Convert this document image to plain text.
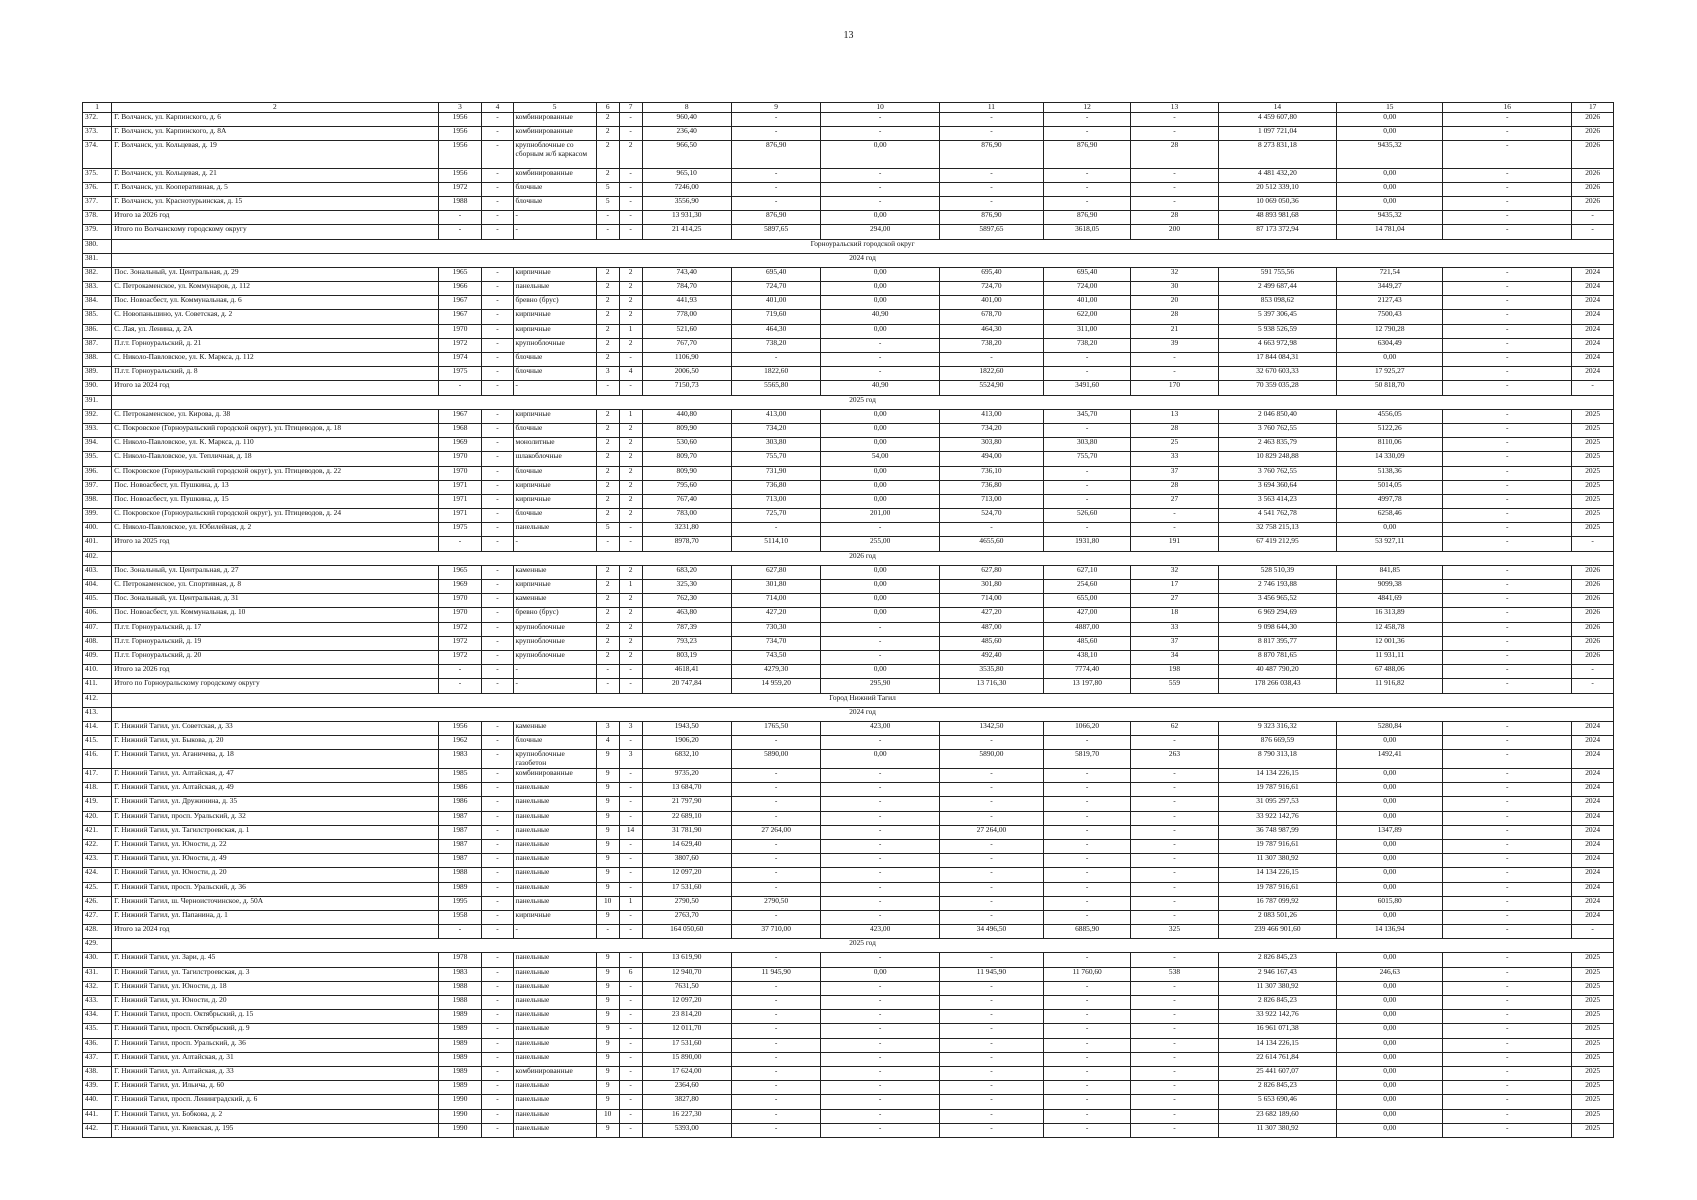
13
1	2	3	4	5	6	7	8	9	10	11	12	13	14	15	16	17
372.	Г. Волчанск, ул. Карпинского, д. 6	1956	-	комбинированные	2	-	960,40	-	-	-	-	-	4 459 607,80	0,00	-	2026
373.	Г. Волчанск, ул. Карпинского, д. 8А	1956	-	комбинированные	2	-	236,40	-	-	-	-	-	1 097 721,04	0,00	-	2026
374.	Г. Волчанск, ул. Кольцевая, д. 19	1956	-	крупноблочные со сборным ж/б каркасом	2	2	966,50	876,90	0,00	876,90	876,90	28	8 273 831,18	9435,32	-	2026
375.	Г. Волчанск, ул. Кольцевая, д. 21	1956	-	комбинированные	2	-	965,10	-	-	-	-	-	4 481 432,20	0,00	-	2026
376.	Г. Волчанск, ул. Кооперативная, д. 5	1972	-	блочные	5	-	7246,00	-	-	-	-	-	20 512 339,10	0,00	-	2026
377.	Г. Волчанск, ул. Краснотурьинская, д. 15	1988	-	блочные	5	-	3556,90	-	-	-	-	-	10 069 050,36	0,00	-	2026
378.	Итого за 2026 год	-	-	-	-	-	13 931,30	876,90	0,00	876,90	876,90	28	48 893 981,68	9435,32	-	-
379.	Итого по Волчанскому городскому округу	-	-	-	-	-	21 414,25	5897,65	294,00	5897,65	3618,05	200	87 173 372,94	14 781,04	-	-
380.	Горноуральский городской округ															
381.	2024 год															
382.	Пос. Зональный, ул. Центральная, д. 29	1965	-	кирпичные	2	2	743,40	695,40	0,00	695,40	695,40	32	591 755,56	721,54	-	2024
383.	С. Петрокаменское, ул. Коммунаров, д. 112	1966	-	панельные	2	2	784,70	724,70	0,00	724,70	724,00	30	2 499 687,44	3449,27	-	2024
384.	Пос. Новоасбест, ул. Коммунальная, д. 6	1967	-	бревно (брус)	2	2	441,93	401,00	0,00	401,00	401,00	20	853 098,62	2127,43	-	2024
385.	С. Новопаньшино, ул. Советская, д. 2	1967	-	кирпичные	2	2	778,00	719,60	40,90	678,70	622,00	28	5 397 306,45	7500,43	-	2024
386.	С. Лая, ул. Ленина, д. 2А	1970	-	кирпичные	2	1	521,60	464,30	0,00	464,30	311,00	21	5 938 526,59	12 790,28	-	2024
387.	П.г.т. Горноуральский, д. 21	1972	-	крупноблочные	2	2	767,70	738,20	-	738,20	738,20	39	4 663 972,98	6304,49	-	2024
388.	С. Николо-Павловское, ул. К. Маркса, д. 112	1974	-	блочные	2	-	1106,90	-	-	-	-	-	17 844 084,31	0,00	-	2024
389.	П.г.т. Горноуральский, д. 8	1975	-	блочные	3	4	2006,50	1822,60	-	1822,60	-	-	32 670 603,33	17 925,27	-	2024
390.	Итого за 2024 год	-	-	-	-	-	7150,73	5565,80	40,90	5524,90	3491,60	170	70 359 035,28	50 818,70	-	-
391.	2025 год															
392.	С. Петрокаменское, ул. Кирова, д. 38	1967	-	кирпичные	2	1	440,80	413,00	0,00	413,00	345,70	13	2 046 850,40	4556,05	-	2025
393.	С. Покровское (Горноуральский городской округ), ул. Птицеводов, д. 18	1968	-	блочные	2	2	809,90	734,20	0,00	734,20	-	28	3 760 762,55	5122,26	-	2025
394.	С. Николо-Павловское, ул. К. Маркса, д. 110	1969	-	монолитные	2	2	530,60	303,80	0,00	303,80	303,80	25	2 463 835,79	8110,06	-	2025
395.	С. Николо-Павловское, ул. Тепличная, д. 18	1970	-	шлакоблочные	2	2	809,70	755,70	54,00	494,00	755,70	33	10 829 248,88	14 330,09	-	2025
396.	С. Покровское (Горноуральский городской округ), ул. Птицеводов, д. 22	1970	-	блочные	2	2	809,90	731,90	0,00	736,10	-	37	3 760 762,55	5138,36	-	2025
397.	Пос. Новоасбест, ул. Пушкина, д. 13	1971	-	кирпичные	2	2	795,60	736,80	0,00	736,80	-	28	3 694 360,64	5014,05	-	2025
398.	Пос. Новоасбест, ул. Пушкина, д. 15	1971	-	кирпичные	2	2	767,40	713,00	0,00	713,00	-	27	3 563 414,23	4997,78	-	2025
399.	С. Покровское (Горноуральский городской округ), ул. Птицеводов, д. 24	1971	-	блочные	2	2	783,00	725,70	201,00	524,70	526,60	-	4 541 762,78	6258,46	-	2025
400.	С. Николо-Павловское, ул. Юбилейная, д. 2	1975	-	панельные	5	-	3231,80	-	-	-	-	-	32 758 215,13	0,00	-	2025
401.	Итого за 2025 год	-	-	-	-	-	8978,70	5114,10	255,00	4655,60	1931,80	191	67 419 212,95	53 927,11	-	-
402.	2026 год															
403.	Пос. Зональный, ул. Центральная, д. 27	1965	-	каменные	2	2	683,20	627,80	0,00	627,80	627,10	32	528 510,39	841,85	-	2026
404.	С. Петрокаменское, ул. Спортивная, д. 8	1969	-	кирпичные	2	1	325,30	301,80	0,00	301,80	254,60	17	2 746 193,88	9099,38	-	2026
405.	Пос. Зональный, ул. Центральная, д. 31	1970	-	каменные	2	2	762,30	714,00	0,00	714,00	655,00	27	3 456 965,52	4841,69	-	2026
406.	Пос. Новоасбест, ул. Коммунальная, д. 10	1970	-	бревно (брус)	2	2	463,80	427,20	0,00	427,20	427,00	18	6 969 294,69	16 313,89	-	2026
407.	П.г.т. Горноуральский, д. 17	1972	-	крупноблочные	2	2	787,39	730,30	-	487,00	4887,00	33	9 098 644,30	12 458,78	-	2026
408.	П.г.т. Горноуральский, д. 19	1972	-	крупноблочные	2	2	793,23	734,70	-	485,60	485,60	37	8 817 395,77	12 001,36	-	2026
409.	П.г.т. Горноуральский, д. 20	1972	-	крупноблочные	2	2	803,19	743,50	-	492,40	438,10	34	8 870 781,65	11 931,11	-	2026
410.	Итого за 2026 год	-	-	-	-	-	4618,41	4279,30	0,00	3535,80	7774,40	198	40 487 790,20	67 488,06	-	-
411.	Итого по Горноуральскому городскому округу	-	-	-	-	-	20 747,84	14 959,20	295,90	13 716,30	13 197,80	559	178 266 038,43	11 916,82	-	-
412.	Город Нижний Тагил															
413.	2024 год															
414.	Г. Нижний Тагил, ул. Советская, д. 33	1956	-	каменные	3	3	1943,50	1765,50	423,00	1342,50	1066,20	62	9 323 316,32	5280,84	-	2024
415.	Г. Нижний Тагил, ул. Быкова, д. 20	1962	-	блочные	4	-	1906,20	-	-	-	-	-	876 669,59	0,00	-	2024
416.	Г. Нижний Тагил, ул. Аганичева, д. 18	1983	-	крупноблочные газобетон	9	3	6832,10	5890,00	0,00	5890,00	5819,70	263	8 790 313,18	1492,41	-	2024
417.	Г. Нижний Тагил, ул. Алтайская, д. 47	1985	-	комбинированные	9	-	9735,20	-	-	-	-	-	14 134 226,15	0,00	-	2024
418.	Г. Нижний Тагил, ул. Алтайская, д. 49	1986	-	панельные	9	-	13 684,70	-	-	-	-	-	19 787 916,61	0,00	-	2024
419.	Г. Нижний Тагил, ул. Дружинина, д. 35	1986	-	панельные	9	-	21 797,90	-	-	-	-	-	31 095 297,53	0,00	-	2024
420.	Г. Нижний Тагил, просп. Уральский, д. 32	1987	-	панельные	9	-	22 689,10	-	-	-	-	-	33 922 142,76	0,00	-	2024
421.	Г. Нижний Тагил, ул. Тагилстроевская, д. 1	1987	-	панельные	9	14	31 781,90	27 264,00	-	27 264,00	-	-	36 748 987,99	1347,89	-	2024
422.	Г. Нижний Тагил, ул. Юности, д. 22	1987	-	панельные	9	-	14 629,40	-	-	-	-	-	19 787 916,61	0,00	-	2024
423.	Г. Нижний Тагил, ул. Юности, д. 49	1987	-	панельные	9	-	3807,60	-	-	-	-	-	11 307 380,92	0,00	-	2024
424.	Г. Нижний Тагил, ул. Юности, д. 20	1988	-	панельные	9	-	12 097,20	-	-	-	-	-	14 134 226,15	0,00	-	2024
425.	Г. Нижний Тагил, просп. Уральский, д. 36	1989	-	панельные	9	-	17 531,60	-	-	-	-	-	19 787 916,61	0,00	-	2024
426.	Г. Нижний Тагил, ш. Черноисточинское, д. 50А	1995	-	панельные	10	1	2790,50	2790,50	-	-	-	-	16 787 099,92	6015,80	-	2024
427.	Г. Нижний Тагил, ул. Папанина, д. 1	1958	-	кирпичные	9	-	2763,70	-	-	-	-	-	2 083 501,26	0,00	-	2024
428.	Итого за 2024 год	-	-	-	-	-	164 050,60	37 710,00	423,00	34 496,50	6885,90	325	239 466 901,60	14 136,94	-	-
429.	2025 год															
430.	Г. Нижний Тагил, ул. Зари, д. 45	1978	-	панельные	9	-	13 619,90	-	-	-	-	-	2 826 845,23	0,00	-	2025
431.	Г. Нижний Тагил, ул. Тагилстроевская, д. 3	1983	-	панельные	9	6	12 940,70	11 945,90	0,00	11 945,90	11 760,60	538	2 946 167,43	246,63	-	2025
432.	Г. Нижний Тагил, ул. Юности, д. 18	1988	-	панельные	9	-	7631,50	-	-	-	-	-	11 307 380,92	0,00	-	2025
433.	Г. Нижний Тагил, ул. Юности, д. 20	1988	-	панельные	9	-	12 097,20	-	-	-	-	-	2 826 845,23	0,00	-	2025
434.	Г. Нижний Тагил, просп. Октябрьский, д. 15	1989	-	панельные	9	-	23 814,20	-	-	-	-	-	33 922 142,76	0,00	-	2025
435.	Г. Нижний Тагил, просп. Октябрьский, д. 9	1989	-	панельные	9	-	12 011,70	-	-	-	-	-	16 961 071,38	0,00	-	2025
436.	Г. Нижний Тагил, просп. Уральский, д. 36	1989	-	панельные	9	-	17 531,60	-	-	-	-	-	14 134 226,15	0,00	-	2025
437.	Г. Нижний Тагил, ул. Алтайская, д. 31	1989	-	панельные	9	-	15 890,00	-	-	-	-	-	22 614 761,84	0,00	-	2025
438.	Г. Нижний Тагил, ул. Алтайская, д. 33	1989	-	комбинированные	9	-	17 624,00	-	-	-	-	-	25 441 607,07	0,00	-	2025
439.	Г. Нижний Тагил, ул. Ильича, д. 60	1989	-	панельные	9	-	2364,60	-	-	-	-	-	2 826 845,23	0,00	-	2025
440.	Г. Нижний Тагил, просп. Ленинградский, д. 6	1990	-	панельные	9	-	3827,80	-	-	-	-	-	5 653 690,46	0,00	-	2025
441.	Г. Нижний Тагил, ул. Бобкова, д. 2	1990	-	панельные	10	-	16 227,30	-	-	-	-	-	23 682 189,60	0,00	-	2025
442.	Г. Нижний Тагил, ул. Киевская, д. 195	1990	-	панельные	9	-	5393,00	-	-	-	-	-	11 307 380,92	0,00	-	2025
